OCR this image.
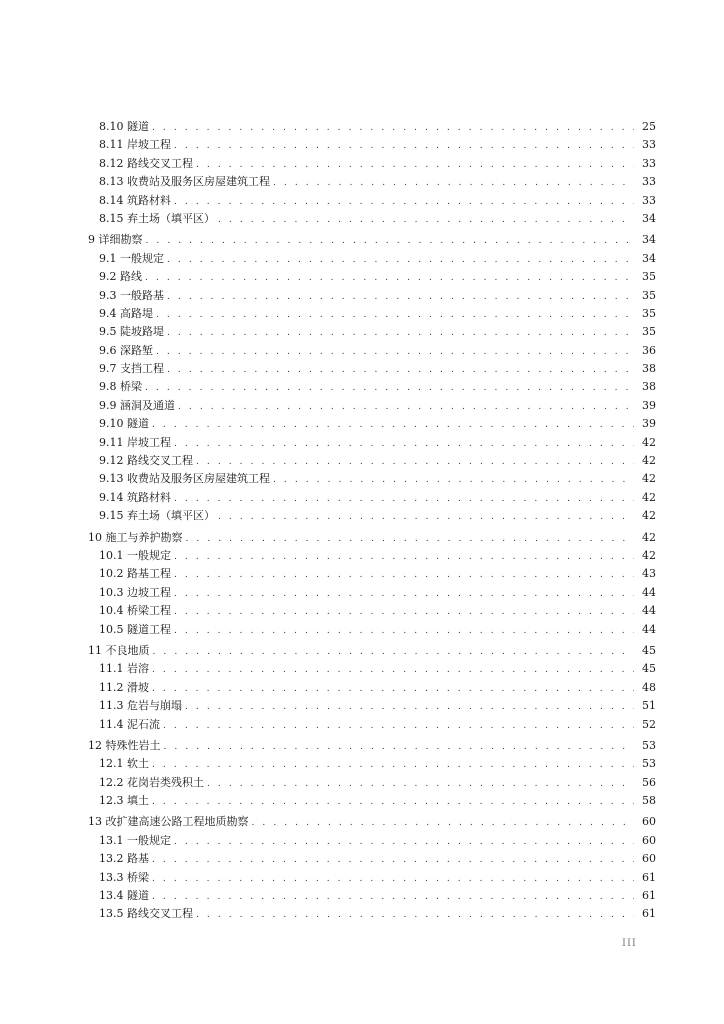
8.10 隧道 . . .	25
8.11 岸坡工程 . . .	33
8.12 路线交叉工程 . . .	33
8.13 收费站及服务区房屋建筑工程 . . .	33
8.14 筑路材料 . . .	33
8.15 弃土场（填平区） . . .	34
9 详细勘察 . . .	34
9.1 一般规定 . . .	34
9.2 路线 . . .	35
9.3 一般路基 . . .	35
9.4 高路堤 . . .	35
9.5 陡坡路堤 . . .	35
9.6 深路堑 . . .	36
9.7 支挡工程 . . .	38
9.8 桥梁 . . .	38
9.9 涵洞及通道 . . .	39
9.10 隧道 . . .	39
9.11 岸坡工程 . . .	42
9.12 路线交叉工程 . . .	42
9.13 收费站及服务区房屋建筑工程 . . .	42
9.14 筑路材料 . . .	42
9.15 弃土场（填平区） . . .	42
10 施工与养护勘察 . . .	42
10.1 一般规定 . . .	42
10.2 路基工程 . . .	43
10.3 边坡工程 . . .	44
10.4 桥梁工程 . . .	44
10.5 隧道工程 . . .	44
11 不良地质 . . .	45
11.1 岩溶 . . .	45
11.2 滑坡 . . .	48
11.3 危岩与崩塌 . . .	51
11.4 泥石流 . . .	52
12 特殊性岩土 . . .	53
12.1 软土 . . .	53
12.2 花岗岩类残积土 . . .	56
12.3 填土 . . .	58
13 改扩建高速公路工程地质勘察 . . .	60
13.1 一般规定 . . .	60
13.2 路基 . . .	60
13.3 桥梁 . . .	61
13.4 隧道 . . .	61
13.5 路线交叉工程 . . .	61
III
